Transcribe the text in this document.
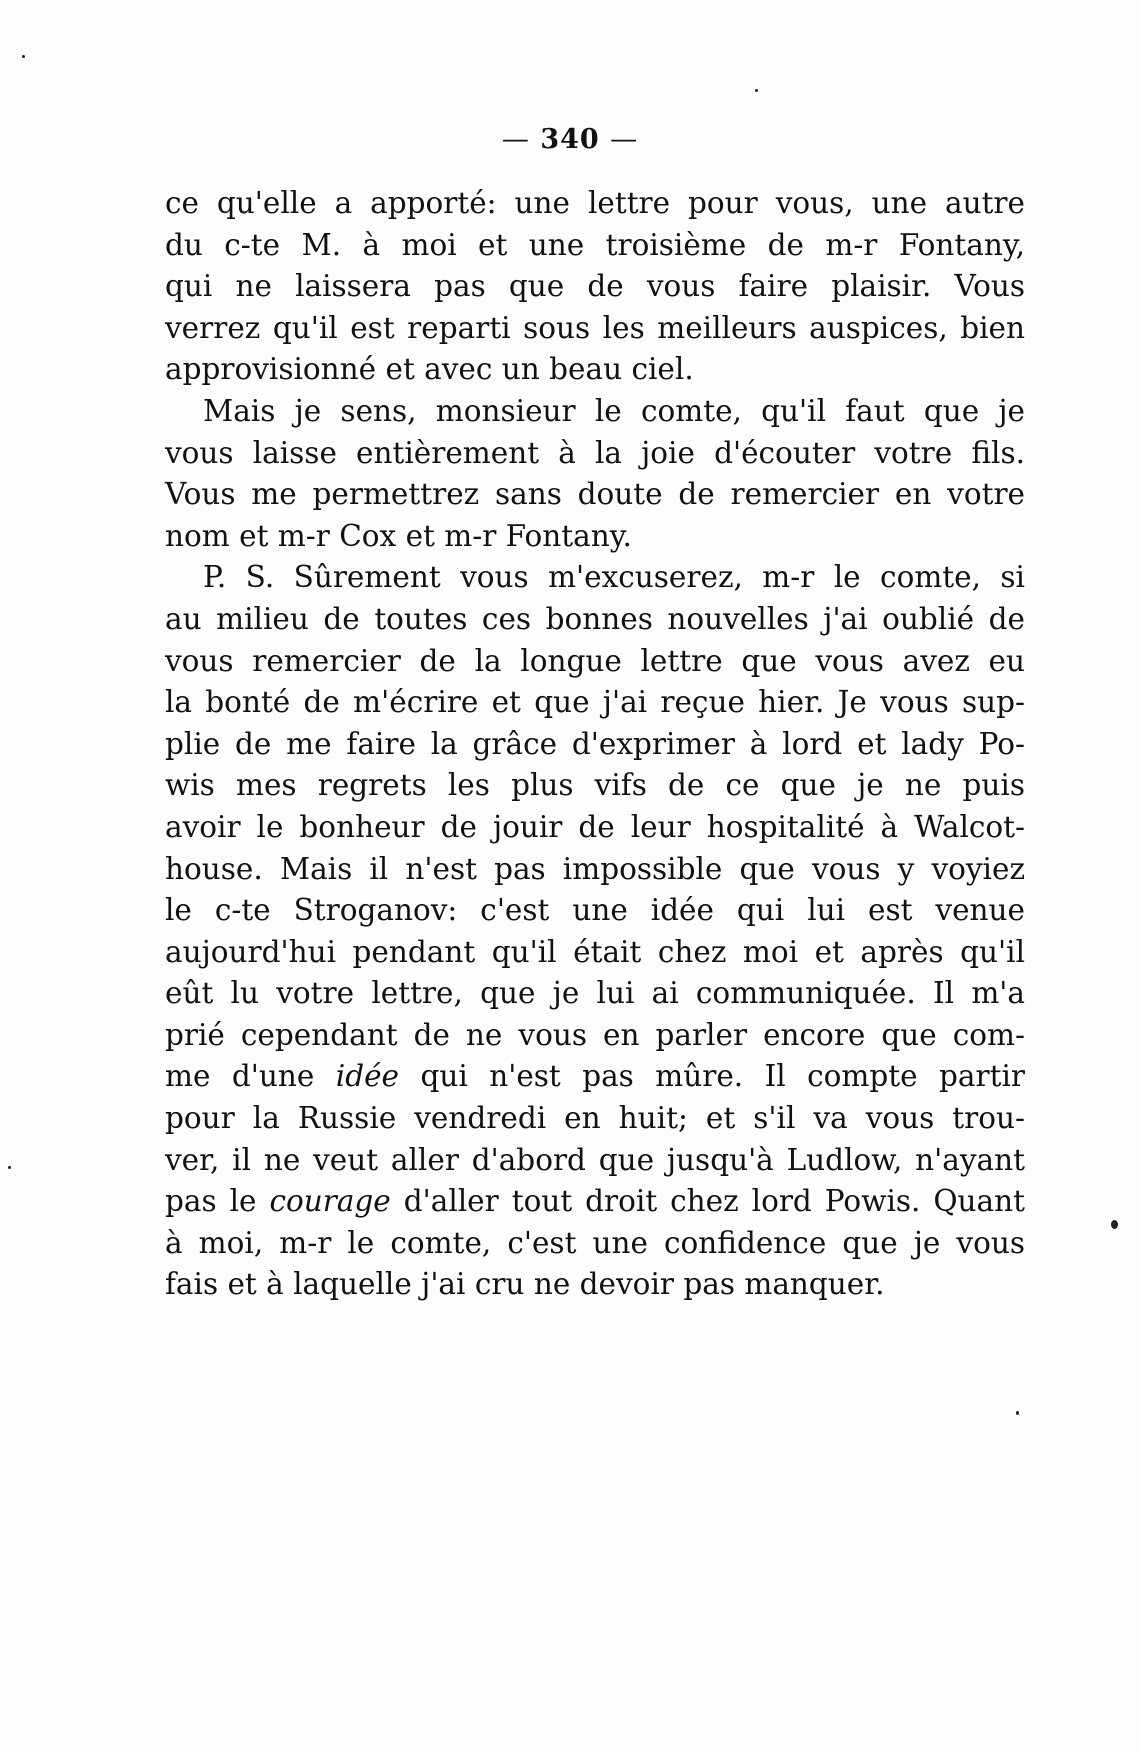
— 340 —
ce qu'elle a apporté: une lettre pour vous, une autre
du c-te M. à moi et une troisième de m-r Fontany,
qui ne laissera pas que de vous faire plaisir. Vous
verrez qu'il est reparti sous les meilleurs auspices, bien
approvisionné et avec un beau ciel.
Mais je sens, monsieur le comte, qu'il faut que je
vous laisse entièrement à la joie d'écouter votre fils.
Vous me permettrez sans doute de remercier en votre
nom et m-r Cox et m-r Fontany.
P. S. Sûrement vous m'excuserez, m-r le comte, si
au milieu de toutes ces bonnes nouvelles j'ai oublié de
vous remercier de la longue lettre que vous avez eu
la bonté de m'écrire et que j'ai reçue hier. Je vous sup-
plie de me faire la grâce d'exprimer à lord et lady Po-
wis mes regrets les plus vifs de ce que je ne puis
avoir le bonheur de jouir de leur hospitalité à Walcot-
house. Mais il n'est pas impossible que vous y voyiez
le c-te Stroganov: c'est une idée qui lui est venue
aujourd'hui pendant qu'il était chez moi et après qu'il
eût lu votre lettre, que je lui ai communiquée. Il m'a
prié cependant de ne vous en parler encore que com-
me d'une idée qui n'est pas mûre. Il compte partir
pour la Russie vendredi en huit; et s'il va vous trou-
ver, il ne veut aller d'abord que jusqu'à Ludlow, n'ayant
pas le courage d'aller tout droit chez lord Powis. Quant
à moi, m-r le comte, c'est une confidence que je vous
fais et à laquelle j'ai cru ne devoir pas manquer.
